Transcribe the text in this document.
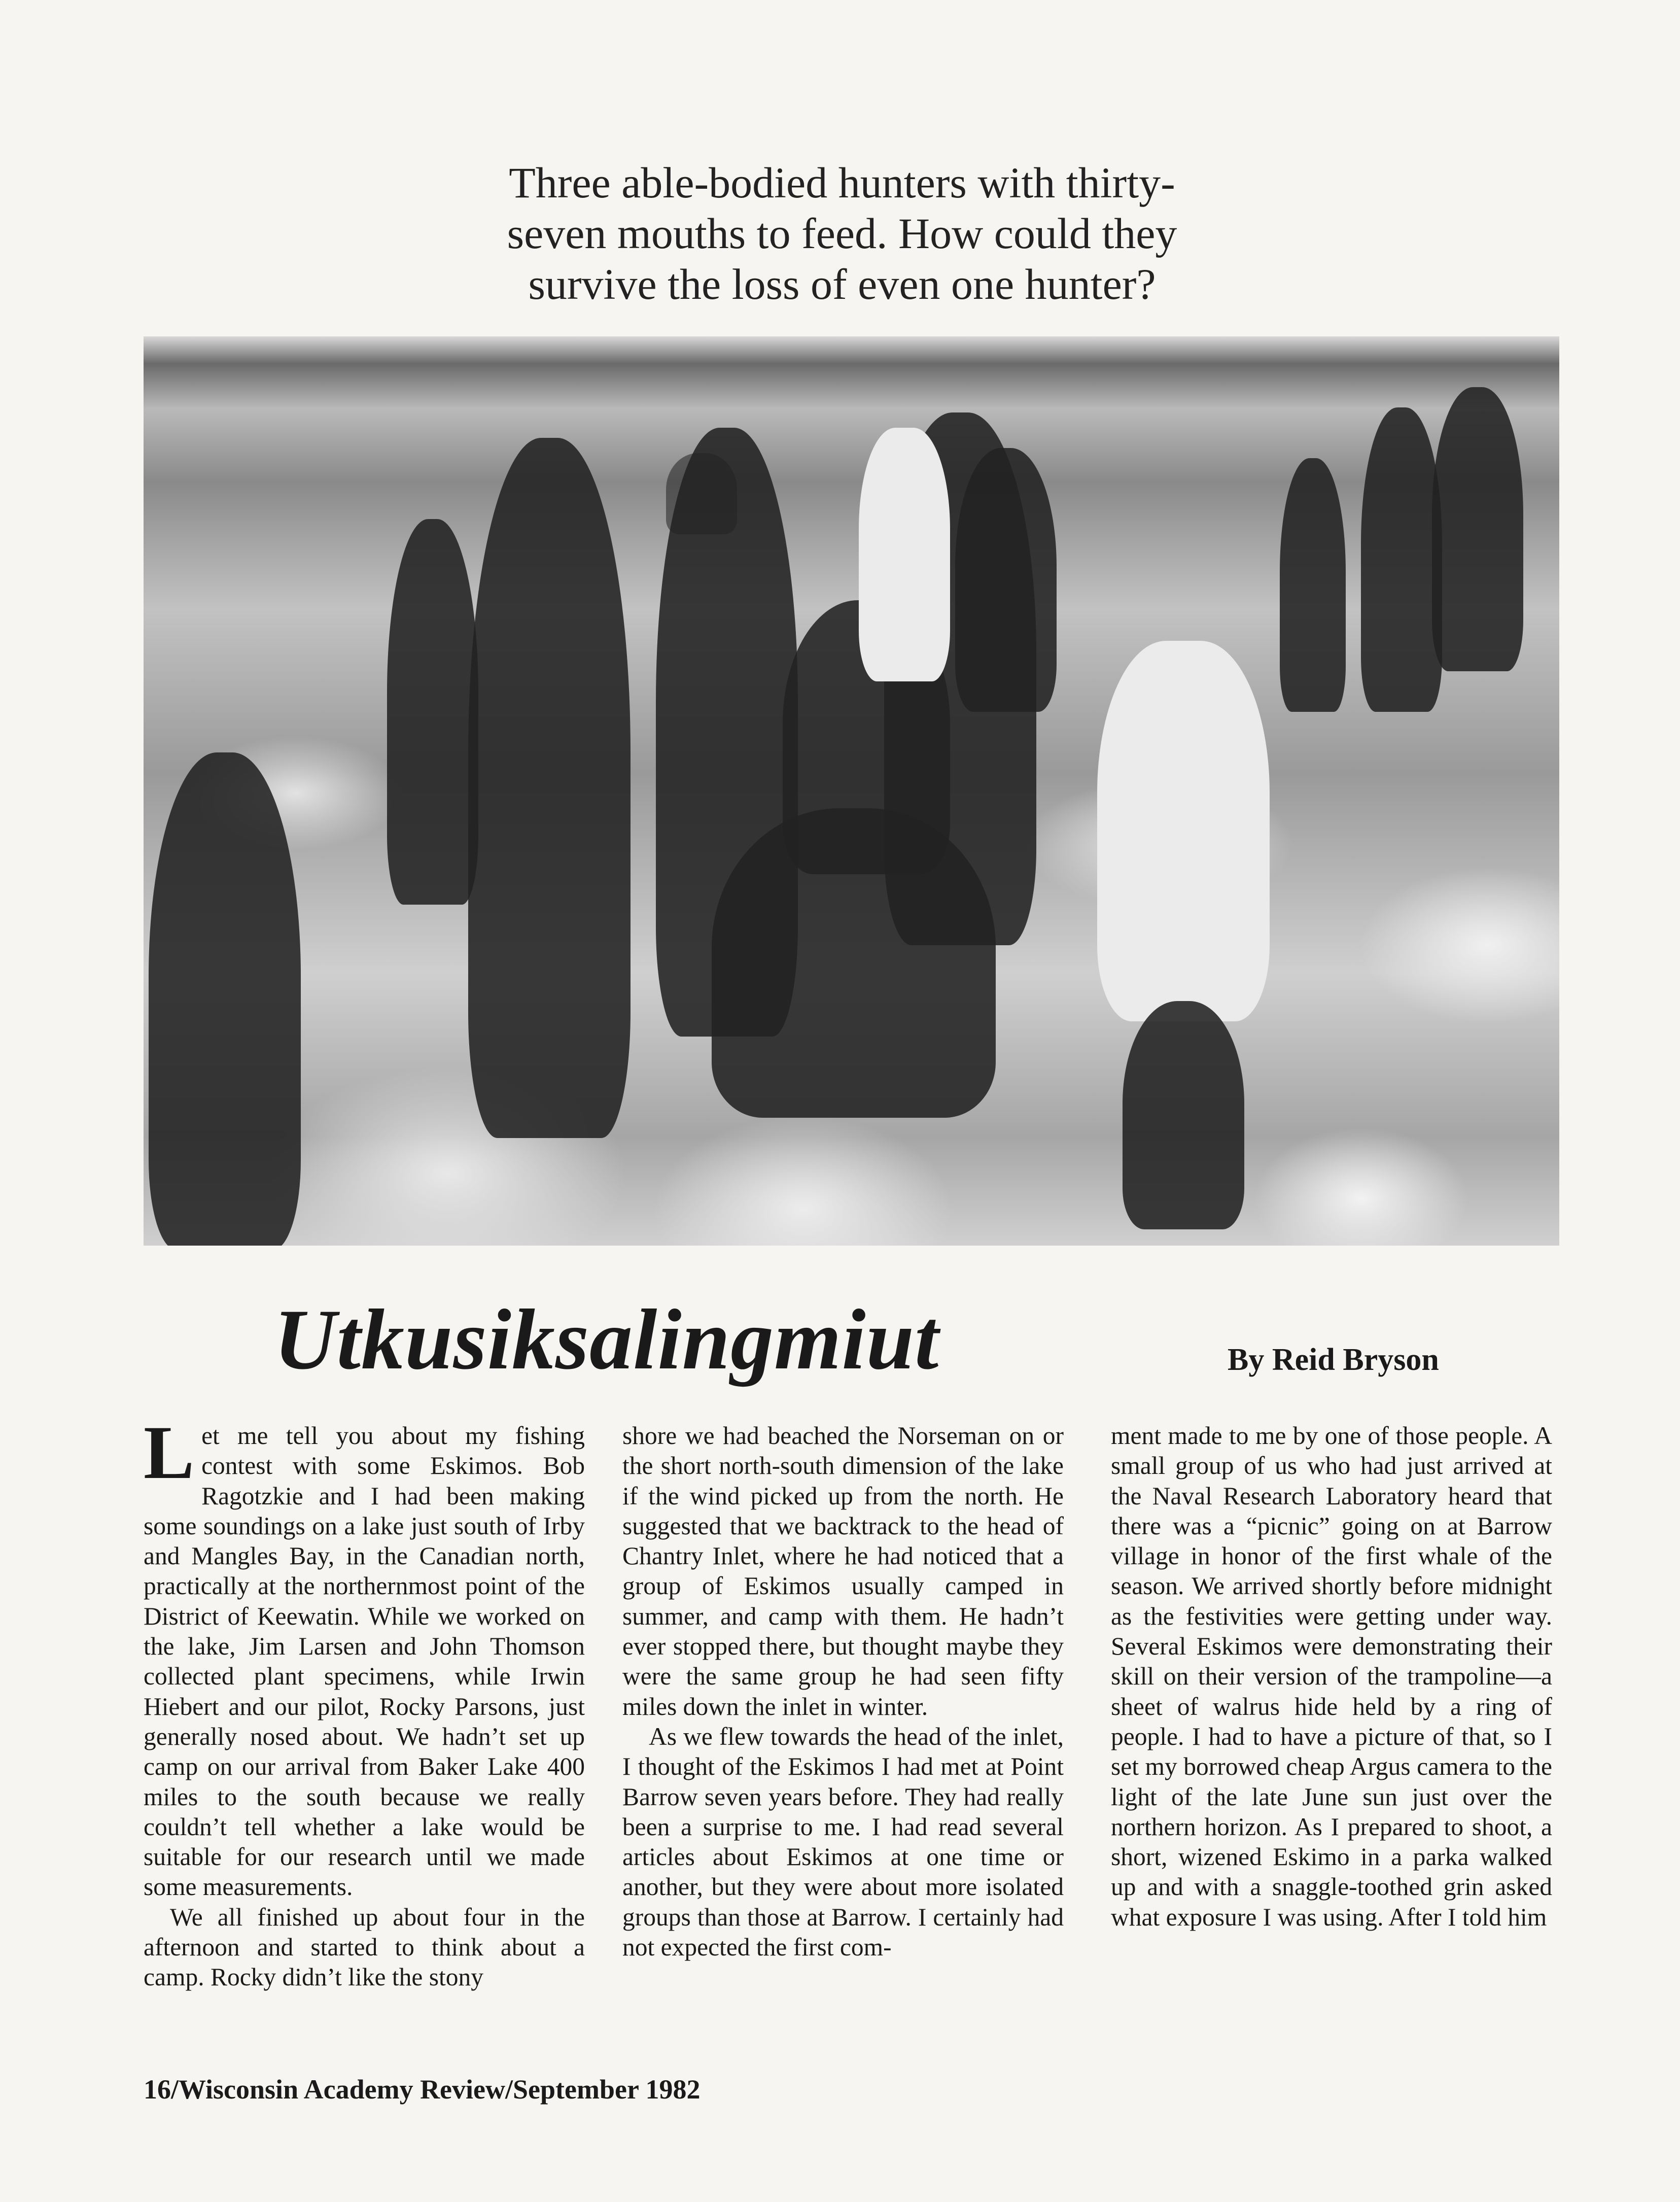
Three able-bodied hunters with thirty-
seven mouths to feed. How could they
survive the loss of even one hunter?
Utkusiksalingmiut	By Reid Bryson

Let me tell you about my fishing contest with some Eskimos. Bob Ragotzkie and I had been making some soundings on a lake just south of Irby and Mangles Bay, in the Canadian north, practically at the northernmost point of the District of Keewatin. While we worked on the lake, Jim Larsen and John Thomson collected plant specimens, while Irwin Hiebert and our pilot, Rocky Parsons, just generally nosed about. We hadn’t set up camp on our arrival from Baker Lake 400 miles to the south because we really couldn’t tell whether a lake would be suitable for our research until we made some measurements.

We all finished up about four in the afternoon and started to think about a camp. Rocky didn’t like the stony

shore we had beached the Norseman on or the short north-south dimension of the lake if the wind picked up from the north. He suggested that we backtrack to the head of Chantry Inlet, where he had noticed that a group of Eskimos usually camped in summer, and camp with them. He hadn’t ever stopped there, but thought maybe they were the same group he had seen fifty miles down the inlet in winter.

As we flew towards the head of the inlet, I thought of the Eskimos I had met at Point Barrow seven years before. They had really been a surprise to me. I had read several articles about Eskimos at one time or another, but they were about more isolated groups than those at Barrow. I certainly had not expected the first com-

ment made to me by one of those people. A small group of us who had just arrived at the Naval Research Laboratory heard that there was a “picnic” going on at Barrow village in honor of the first whale of the season. We arrived shortly before midnight as the festivities were getting under way. Several Eskimos were demonstrating their skill on their version of the trampoline—a sheet of walrus hide held by a ring of people. I had to have a picture of that, so I set my borrowed cheap Argus camera to the light of the late June sun just over the northern horizon. As I prepared to shoot, a short, wizened Eskimo in a parka walked up and with a snaggle-toothed grin asked what exposure I was using. After I told him

16/Wisconsin Academy Review/September 1982
